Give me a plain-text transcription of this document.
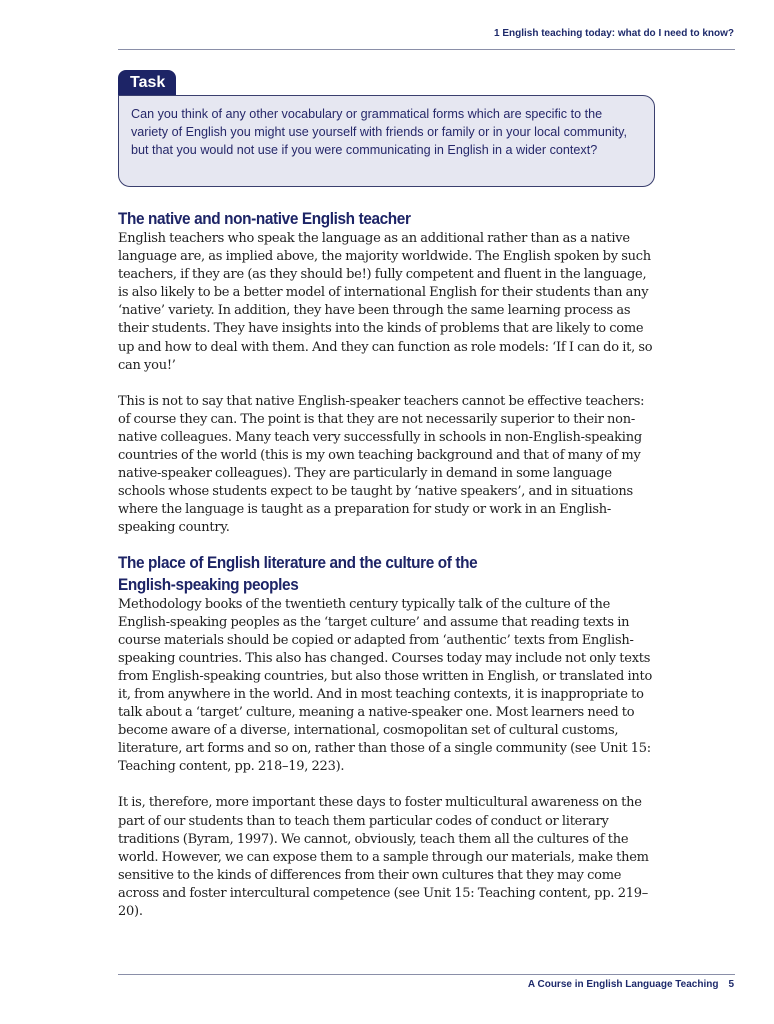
1 English teaching today: what do I need to know?
Task

Can you think of any other vocabulary or grammatical forms which are specific to the variety of English you might use yourself with friends or family or in your local community, but that you would not use if you were communicating in English in a wider context?

The native and non-native English teacher

English teachers who speak the language as an additional rather than as a native language are, as implied above, the majority worldwide. The English spoken by such teachers, if they are (as they should be!) fully competent and fluent in the language, is also likely to be a better model of international English for their students than any ‘native’ variety. In addition, they have been through the same learning process as their students. They have insights into the kinds of problems that are likely to come up and how to deal with them. And they can function as role models: ‘If I can do it, so can you!’

This is not to say that native English-speaker teachers cannot be effective teachers: of course they can. The point is that they are not necessarily superior to their non-native colleagues. Many teach very successfully in schools in non-English-speaking countries of the world (this is my own teaching background and that of many of my native-speaker colleagues). They are particularly in demand in some language schools whose students expect to be taught by ‘native speakers’, and in situations where the language is taught as a preparation for study or work in an English-speaking country.

The place of English literature and the culture of the
English-speaking peoples

Methodology books of the twentieth century typically talk of the culture of the English-speaking peoples as the ‘target culture’ and assume that reading texts in course materials should be copied or adapted from ‘authentic’ texts from English-speaking countries. This also has changed. Courses today may include not only texts from English-speaking countries, but also those written in English, or translated into it, from anywhere in the world. And in most teaching contexts, it is inappropriate to talk about a ‘target’ culture, meaning a native-speaker one. Most learners need to become aware of a diverse, international, cosmopolitan set of cultural customs, literature, art forms and so on, rather than those of a single community (see Unit 15: Teaching content, pp. 218–19, 223).

It is, therefore, more important these days to foster multicultural awareness on the part of our students than to teach them particular codes of conduct or literary traditions (Byram, 1997). We cannot, obviously, teach them all the cultures of the world. However, we can expose them to a sample through our materials, make them sensitive to the kinds of differences from their own cultures that they may come across and foster intercultural competence (see Unit 15: Teaching content, pp. 219–20).

A Course in English Language Teaching 5
